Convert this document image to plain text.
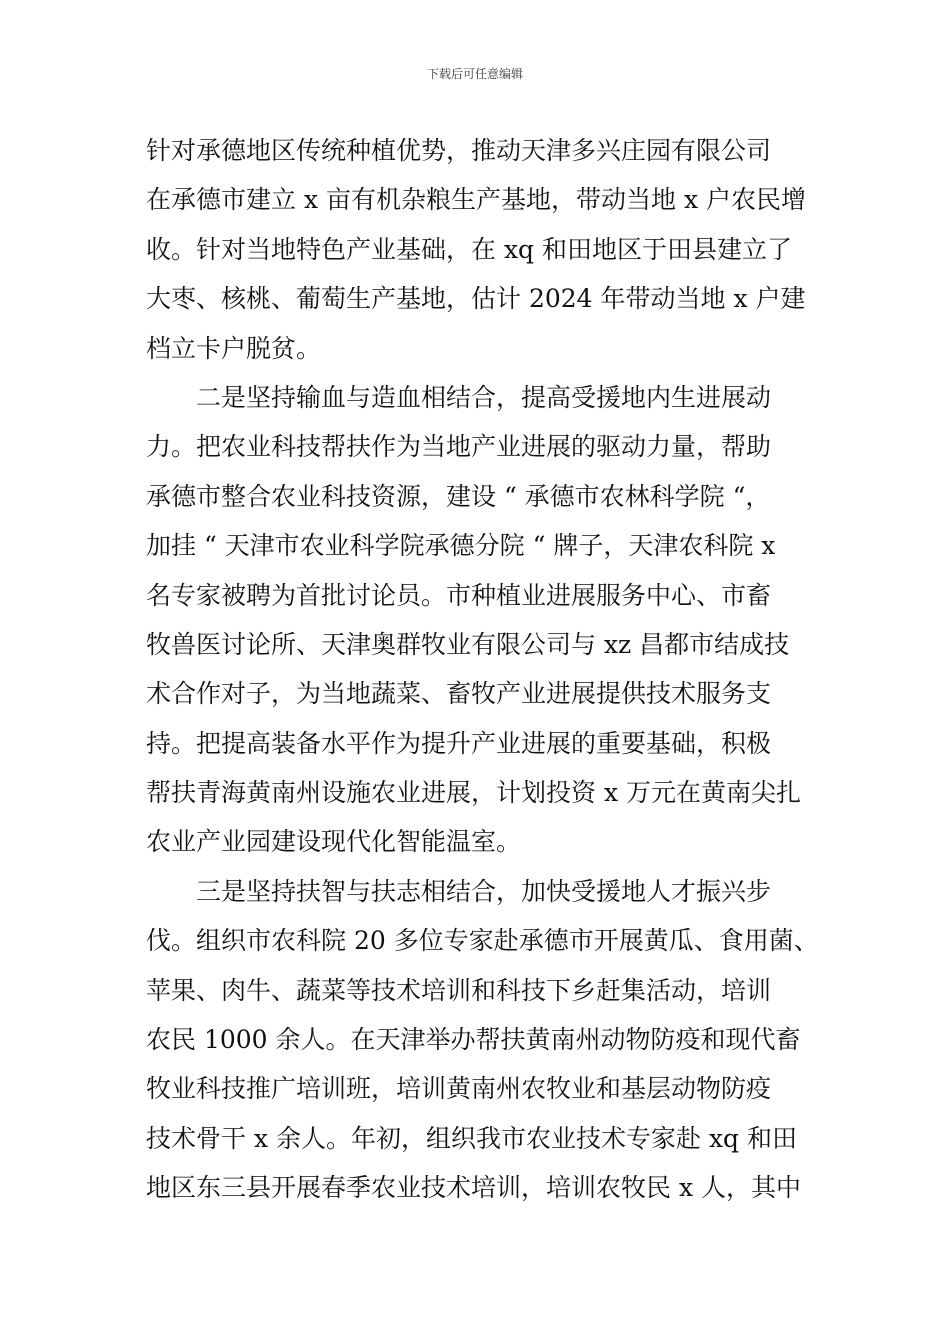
下载后可任意编辑
针对承德地区传统种植优势，推动天津多兴庄园有限公司
在承德市建立 x 亩有机杂粮生产基地，带动当地 x 户农民增
收。针对当地特色产业基础，在 xq 和田地区于田县建立了
大枣、核桃、葡萄生产基地，估计 2024 年带动当地 x 户建
档立卡户脱贫。
二是坚持输血与造血相结合，提高受援地内生进展动
力。把农业科技帮扶作为当地产业进展的驱动力量，帮助
承德市整合农业科技资源，建设 “ 承德市农林科学院 “，
加挂 “ 天津市农业科学院承德分院 “ 牌子，天津农科院 x
名专家被聘为首批讨论员。市种植业进展服务中心、市畜
牧兽医讨论所、天津奥群牧业有限公司与 xz 昌都市结成技
术合作对子，为当地蔬菜、畜牧产业进展提供技术服务支
持。把提高装备水平作为提升产业进展的重要基础，积极
帮扶青海黄南州设施农业进展，计划投资 x 万元在黄南尖扎
农业产业园建设现代化智能温室。
三是坚持扶智与扶志相结合，加快受援地人才振兴步
伐。组织市农科院 20 多位专家赴承德市开展黄瓜、食用菌、
苹果、肉牛、蔬菜等技术培训和科技下乡赶集活动，培训
农民 1000 余人。在天津举办帮扶黄南州动物防疫和现代畜
牧业科技推广培训班，培训黄南州农牧业和基层动物防疫
技术骨干 x 余人。年初，组织我市农业技术专家赴 xq 和田
地区东三县开展春季农业技术培训，培训农牧民 x 人，其中
